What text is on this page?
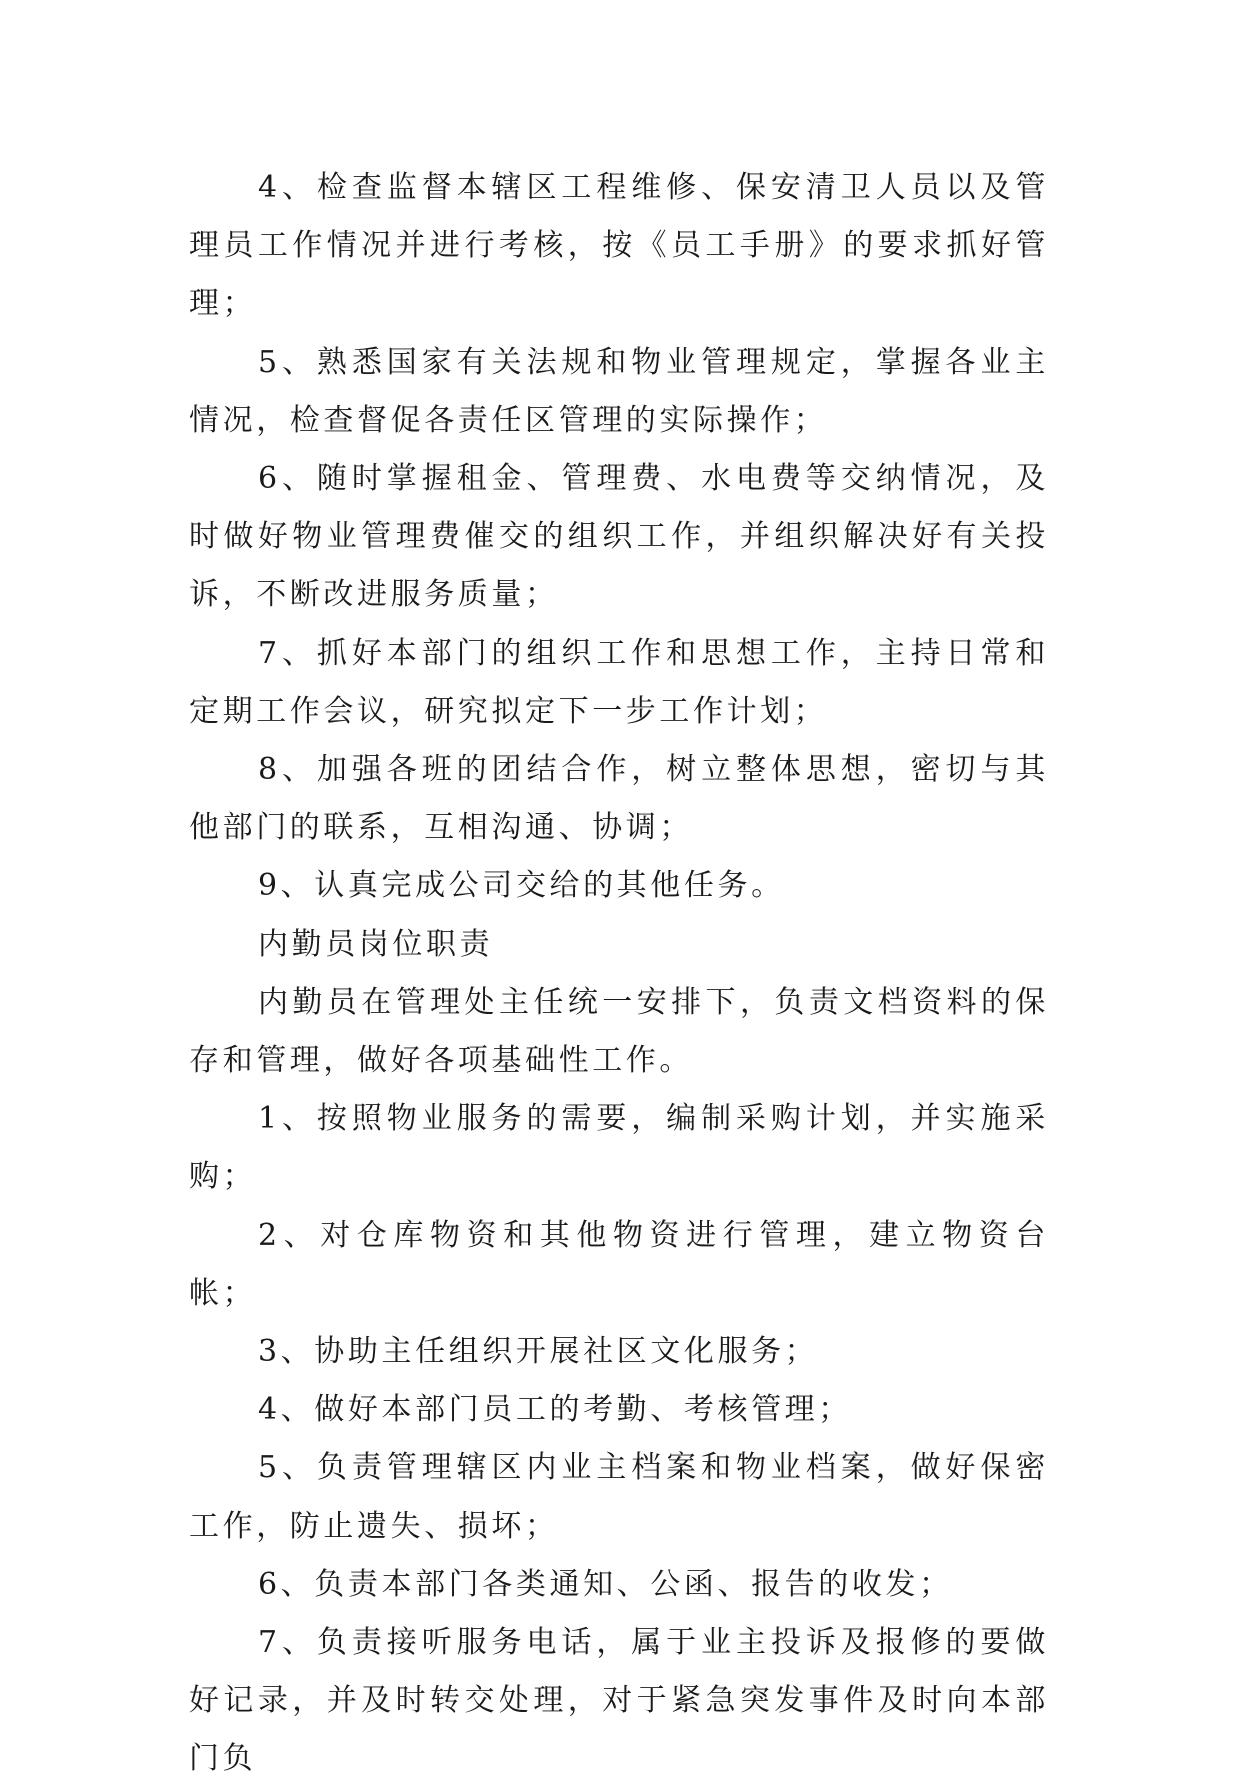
4、检查监督本辖区工程维修、保安清卫人员以及管理员工作情况并进行考核，按《员工手册》的要求抓好管理；

5、熟悉国家有关法规和物业管理规定，掌握各业主情况，检查督促各责任区管理的实际操作；

6、随时掌握租金、管理费、水电费等交纳情况，及时做好物业管理费催交的组织工作，并组织解决好有关投诉，不断改进服务质量；

7、抓好本部门的组织工作和思想工作，主持日常和定期工作会议，研究拟定下一步工作计划；

8、加强各班的团结合作，树立整体思想，密切与其他部门的联系，互相沟通、协调；

9、认真完成公司交给的其他任务。

内勤员岗位职责

内勤员在管理处主任统一安排下，负责文档资料的保存和管理，做好各项基础性工作。

1、按照物业服务的需要，编制采购计划，并实施采购；

2、对仓库物资和其他物资进行管理，建立物资台帐；

3、协助主任组织开展社区文化服务；

4、做好本部门员工的考勤、考核管理；

5、负责管理辖区内业主档案和物业档案，做好保密工作，防止遗失、损坏；

6、负责本部门各类通知、公函、报告的收发；

7、负责接听服务电话，属于业主投诉及报修的要做好记录，并及时转交处理，对于紧急突发事件及时向本部门负
